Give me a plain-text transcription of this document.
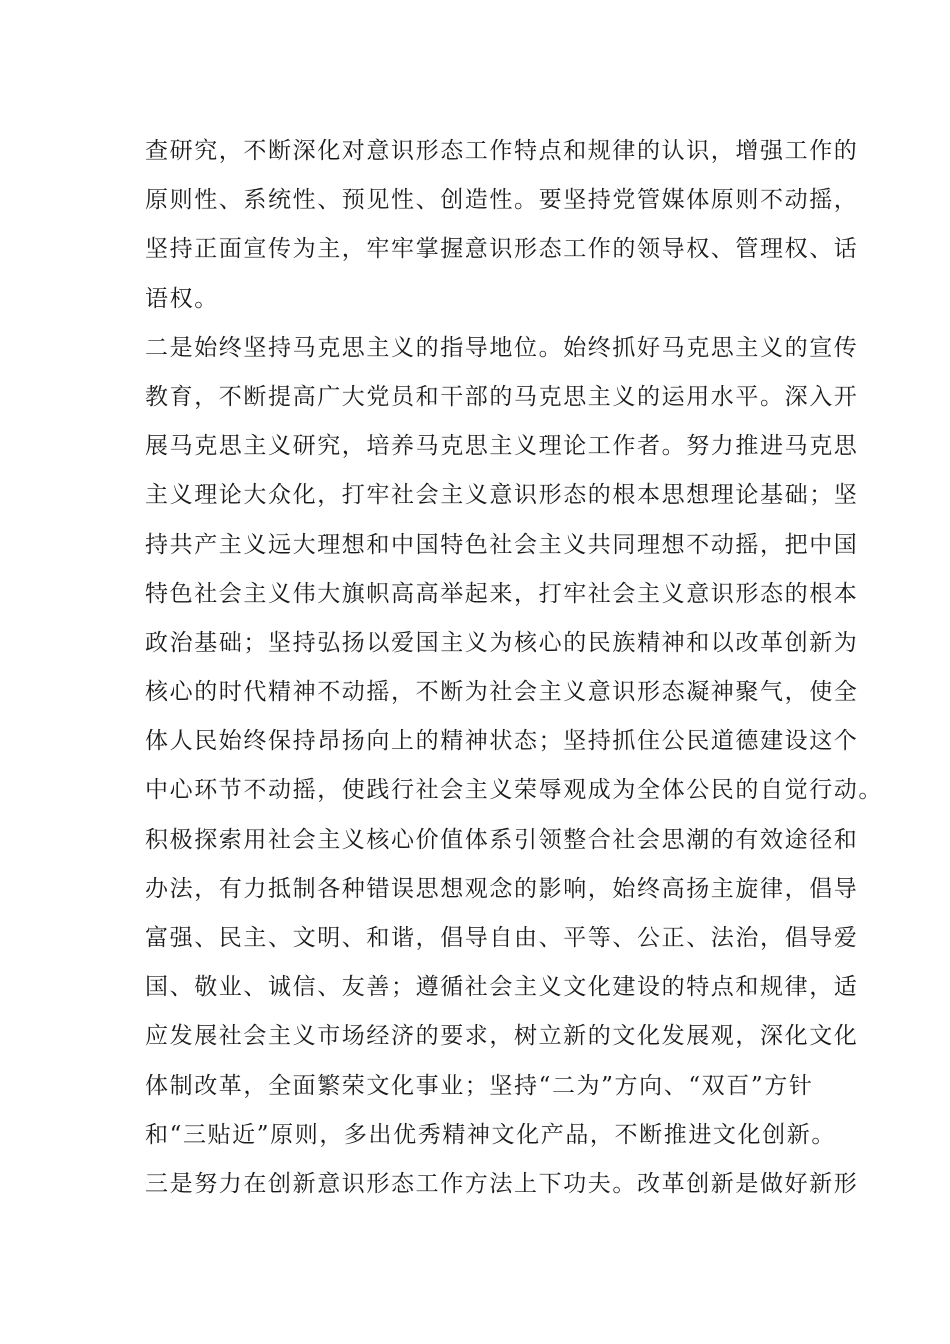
查研究，不断深化对意识形态工作特点和规律的认识，增强工作的
原则性、系统性、预见性、创造性。要坚持党管媒体原则不动摇，
坚持正面宣传为主，牢牢掌握意识形态工作的领导权、管理权、话
语权。
二是始终坚持马克思主义的指导地位。始终抓好马克思主义的宣传
教育，不断提高广大党员和干部的马克思主义的运用水平。深入开
展马克思主义研究，培养马克思主义理论工作者。努力推进马克思
主义理论大众化，打牢社会主义意识形态的根本思想理论基础；坚
持共产主义远大理想和中国特色社会主义共同理想不动摇，把中国
特色社会主义伟大旗帜高高举起来，打牢社会主义意识形态的根本
政治基础；坚持弘扬以爱国主义为核心的民族精神和以改革创新为
核心的时代精神不动摇，不断为社会主义意识形态凝神聚气，使全
体人民始终保持昂扬向上的精神状态；坚持抓住公民道德建设这个
中心环节不动摇，使践行社会主义荣辱观成为全体公民的自觉行动。
积极探索用社会主义核心价值体系引领整合社会思潮的有效途径和
办法，有力抵制各种错误思想观念的影响，始终高扬主旋律，倡导
富强、民主、文明、和谐，倡导自由、平等、公正、法治，倡导爱
国、敬业、诚信、友善；遵循社会主义文化建设的特点和规律，适
应发展社会主义市场经济的要求，树立新的文化发展观，深化文化
体制改革，全面繁荣文化事业；坚持“二为”方向、“双百”方针
和“三贴近”原则，多出优秀精神文化产品，不断推进文化创新。
三是努力在创新意识形态工作方法上下功夫。改革创新是做好新形
